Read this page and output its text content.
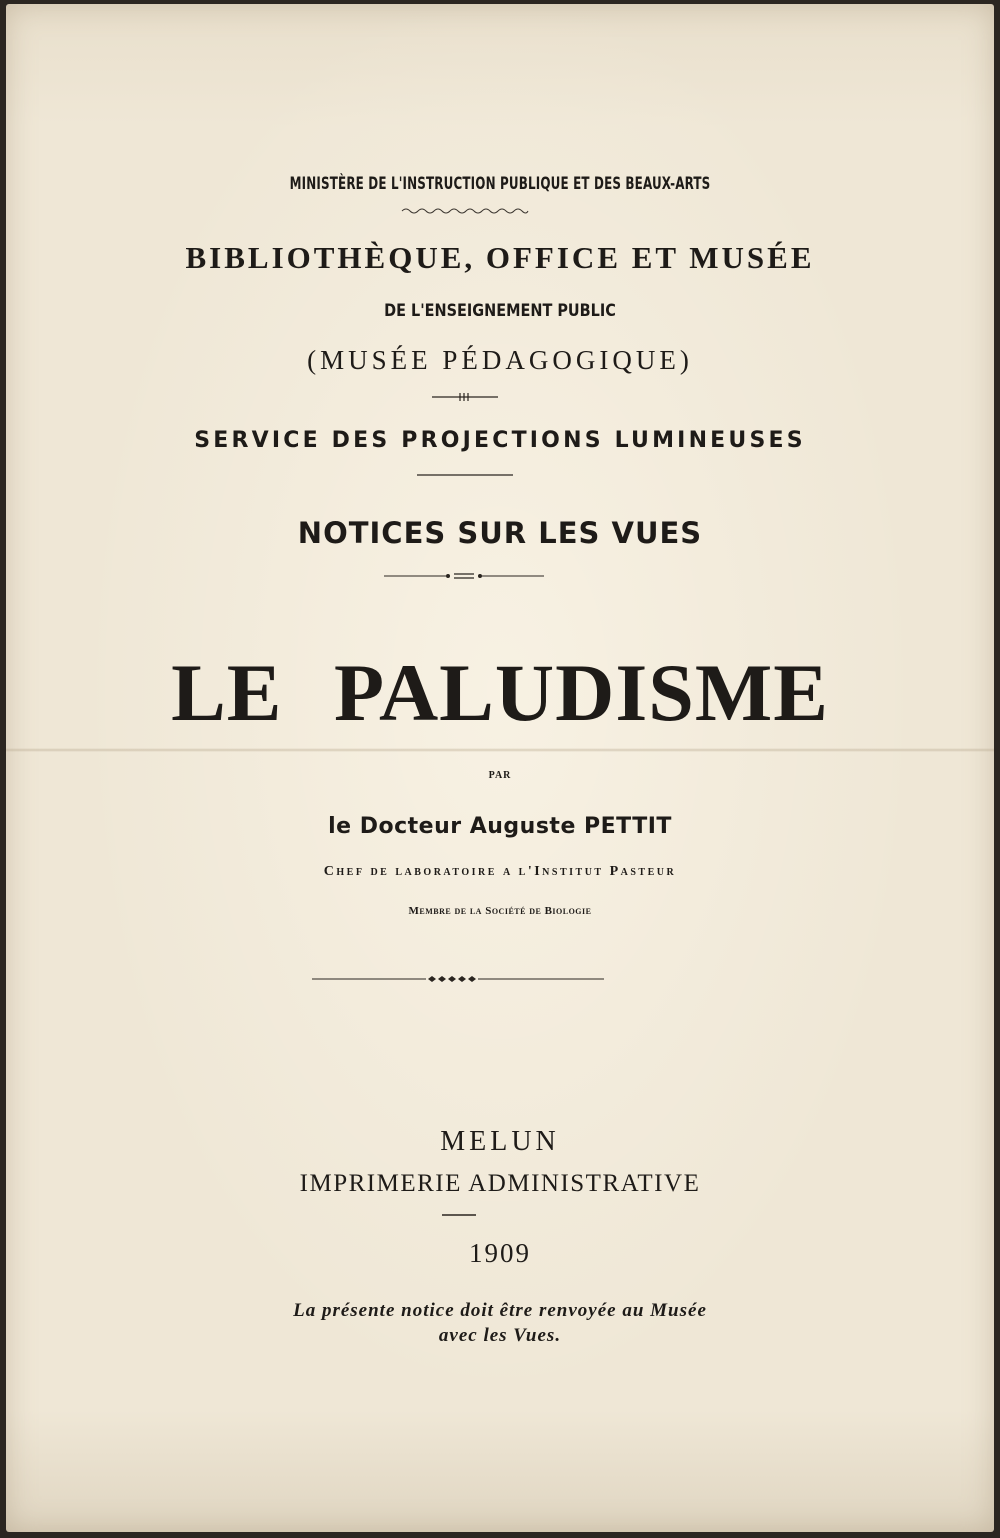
MINISTÈRE DE L'INSTRUCTION PUBLIQUE ET DES BEAUX-ARTS
BIBLIOTHÈQUE, OFFICE ET MUSÉE
DE L'ENSEIGNEMENT PUBLIC
(MUSÉE PÉDAGOGIQUE)
SERVICE DES PROJECTIONS LUMINEUSES
NOTICES SUR LES VUES
LE PALUDISME
PAR
le Docteur Auguste PETTIT
Chef de laboratoire a l'Institut Pasteur
Membre de la Société de Biologie
MELUN
IMPRIMERIE ADMINISTRATIVE
1909
La présente notice doit être renvoyée au Musée
avec les Vues.
